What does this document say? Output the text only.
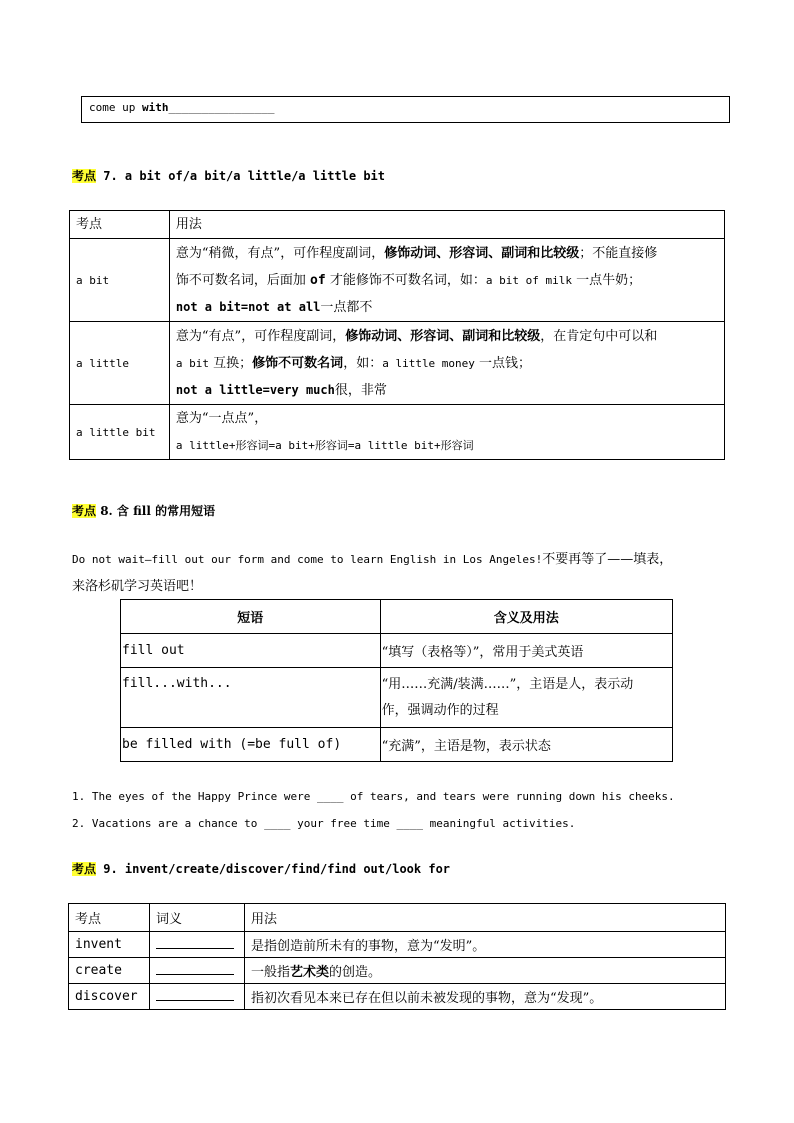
come up with________________
考点 7. a bit of/a bit/a little/a little bit
考点	用法
a bit	意为“稍微，有点”，可作程度副词，修饰动词、形容词、副词和比较级；不能直接修
饰不可数名词，后面加 of 才能修饰不可数名词，如：a bit of milk 一点牛奶；
not a bit=not at all一点都不

a little	意为“有点”，可作程度副词，修饰动词、形容词、副词和比较级，在肯定句中可以和
a bit 互换；修饰不可数名词，如：a little money 一点钱；
not a little=very much很，非常

a little bit	意为“一点点”，
a little+形容词=a bit+形容词=a little bit+形容词
考点 8. 含 fill 的常用短语
Do not wait—fill out our form and come to learn English in Los Angeles!不要再等了——填表，
来洛杉矶学习英语吧！
短语	含义及用法
fill out	“填写（表格等）”，常用于美式英语
fill...with...	“用……充满/装满……”，主语是人，表示动
作，强调动作的过程

be filled with (=be full of)	“充满”，主语是物，表示状态
1. The eyes of the Happy Prince were ____ of tears, and tears were running down his cheeks.
2. Vacations are a chance to ____ your free time ____ meaningful activities.
考点 9. invent/create/discover/find/find out/look for
考点	词义	用法
invent		是指创造前所未有的事物，意为“发明”。
create		一般指艺术类的创造。
discover		指初次看见本来已存在但以前未被发现的事物，意为“发现”。
